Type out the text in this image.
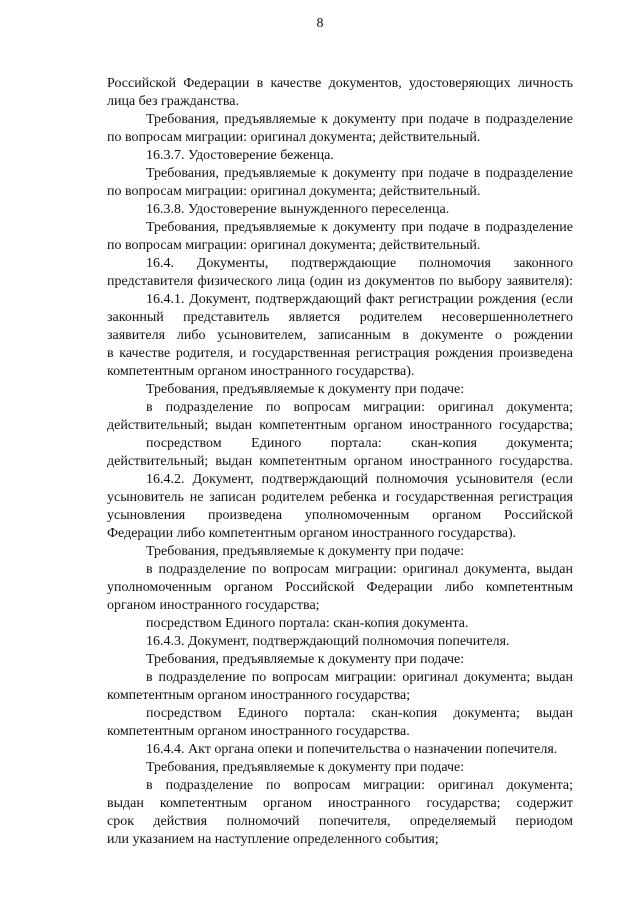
8
Российской Федерации в качестве документов, удостоверяющих личность
лица без гражданства.
Требования, предъявляемые к документу при подаче в подразделение
по вопросам миграции: оригинал документа; действительный.
16.3.7. Удостоверение беженца.
Требования, предъявляемые к документу при подаче в подразделение
по вопросам миграции: оригинал документа; действительный.
16.3.8. Удостоверение вынужденного переселенца.
Требования, предъявляемые к документу при подаче в подразделение
по вопросам миграции: оригинал документа; действительный.
16.4. Документы, подтверждающие полномочия законного
представителя физического лица (один из документов по выбору заявителя):
16.4.1. Документ, подтверждающий факт регистрации рождения (если
законный представитель является родителем несовершеннолетнего
заявителя либо усыновителем, записанным в документе о рождении
в качестве родителя, и государственная регистрация рождения произведена
компетентным органом иностранного государства).
Требования, предъявляемые к документу при подаче:
в подразделение по вопросам миграции: оригинал документа;
действительный; выдан компетентным органом иностранного государства;
посредством Единого портала: скан-копия документа;
действительный; выдан компетентным органом иностранного государства.
16.4.2. Документ, подтверждающий полномочия усыновителя (если
усыновитель не записан родителем ребенка и государственная регистрация
усыновления произведена уполномоченным органом Российской
Федерации либо компетентным органом иностранного государства).
Требования, предъявляемые к документу при подаче:
в подразделение по вопросам миграции: оригинал документа, выдан
уполномоченным органом Российской Федерации либо компетентным
органом иностранного государства;
посредством Единого портала: скан-копия документа.
16.4.3. Документ, подтверждающий полномочия попечителя.
Требования, предъявляемые к документу при подаче:
в подразделение по вопросам миграции: оригинал документа; выдан
компетентным органом иностранного государства;
посредством Единого портала: скан-копия документа; выдан
компетентным органом иностранного государства.
16.4.4. Акт органа опеки и попечительства о назначении попечителя.
Требования, предъявляемые к документу при подаче:
в подразделение по вопросам миграции: оригинал документа;
выдан компетентным органом иностранного государства; содержит
срок действия полномочий попечителя, определяемый периодом
или указанием на наступление определенного события;
